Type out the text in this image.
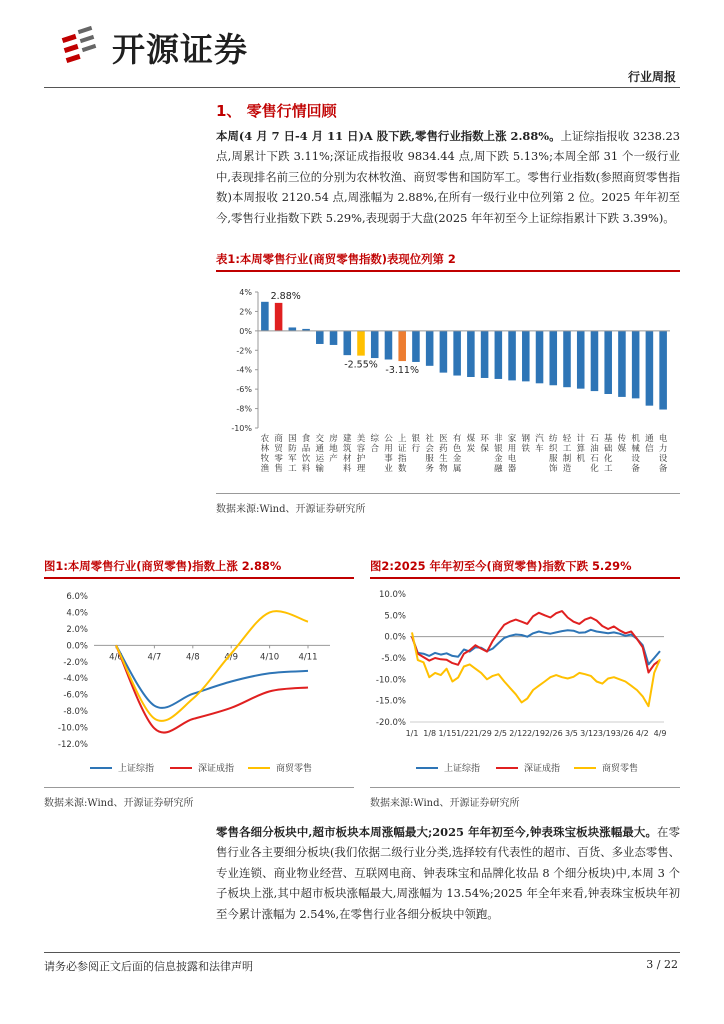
开源证券
行业周报
1、 零售行情回顾
本周(4 月 7 日-4 月 11 日)A 股下跌,零售行业指数上涨 2.88%。上证综指报收 3238.23 点,周累计下跌 3.11%;深证成指报收 9834.44 点,周下跌 5.13%;本周全部 31 个一级行业中,表现排名前三位的分别为农林牧渔、商贸零售和国防军工。零售行业指数(参照商贸零售指数)本周报收 2120.54 点,周涨幅为 2.88%,在所有一级行业中位列第 2 位。2025 年年初至今,零售行业指数下跌 5.29%,表现弱于大盘(2025 年年初至今上证综指累计下跌 3.39%)。
表1:本周零售行业(商贸零售指数)表现位列第 2
4%
2%
0%
-2%
-4%
-6%
-8%
-10%
农
林
牧
渔
商
贸
零
售
国
防
军
工
食
品
饮
料
交
通
运
输
房
地
产
建
筑
材
料
美
容
护
理
综
合
公
用
事
业
上
证
指
数
银
行
社
会
服
务
医
药
生
物
有
色
金
属
煤
炭
环
保
非
银
金
融
家
用
电
器
钢
铁
汽
车
纺
织
服
饰
轻
工
制
造
计
算
机
石
油
石
化
基
础
化
工
传
媒
机
械
设
备
通
信
电
力
设
备
2.88%
-2.55% -3.11%
数据来源:Wind、开源证券研究所
图1:本周零售行业(商贸零售)指数上涨 2.88%
6.0%
4.0%
2.0%
0.0%
-2.0%
-4.0%
-6.0%
-8.0%
-10.0%
-12.0%
4/6	4/7	4/8	4/9	4/10 4/11
上证综指	深证成指	商贸零售
数据来源:Wind、开源证券研究所
图2:2025 年年初至今(商贸零售)指数下跌 5.29%
10.0%
5.0%
0.0%
-5.0%
-10.0%
-15.0%
-20.0%
1/1 1/8 1/15 1/22 1/29 2/5 2/12 2/19 2/26 3/5 3/12 3/19 3/26 4/2 4/9
上证综指	深证成指	商贸零售
数据来源:Wind、开源证券研究所
零售各细分板块中,超市板块本周涨幅最大;2025 年年初至今,钟表珠宝板块涨幅最大。在零售行业各主要细分板块(我们依据二级行业分类,选择较有代表性的超市、百货、多业态零售、专业连锁、商业物业经营、互联网电商、钟表珠宝和品牌化妆品 8 个细分板块)中,本周 3 个子板块上涨,其中超市板块涨幅最大,周涨幅为 13.54%;2025 年全年来看,钟表珠宝板块年初至今累计涨幅为 2.54%,在零售行业各细分板块中领跑。
请务必参阅正文后面的信息披露和法律声明	3 / 22
